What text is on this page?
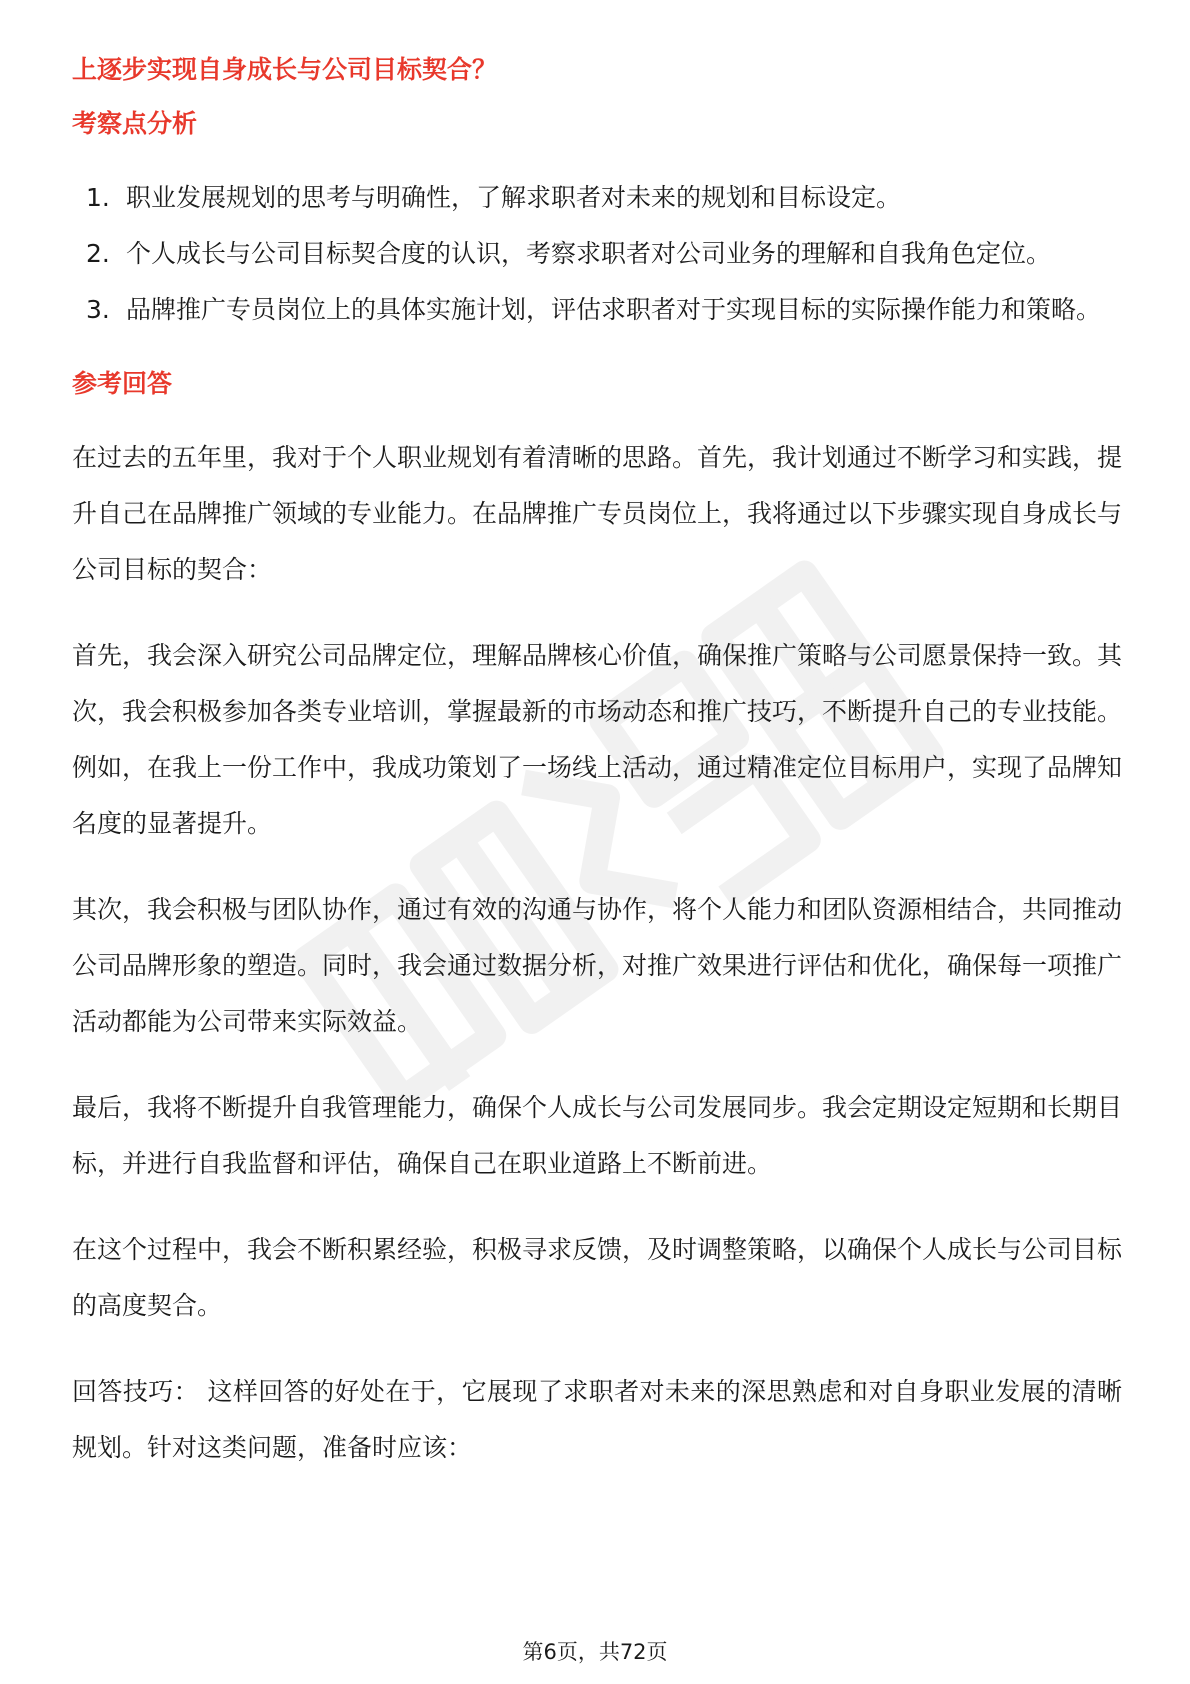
上逐步实现自身成长与公司目标契合？
考察点分析
1. 职业发展规划的思考与明确性，了解求职者对未来的规划和目标设定。
2. 个人成长与公司目标契合度的认识，考察求职者对公司业务的理解和自我角色定位。
3. 品牌推广专员岗位上的具体实施计划，评估求职者对于实现目标的实际操作能力和策略。
参考回答

在过去的五年里，我对于个人职业规划有着清晰的思路。首先，我计划通过不断学习和实践，提升自己在品牌推广领域的专业能力。在品牌推广专员岗位上，我将通过以下步骤实现自身成长与公司目标的契合：

首先，我会深入研究公司品牌定位，理解品牌核心价值，确保推广策略与公司愿景保持一致。其次，我会积极参加各类专业培训，掌握最新的市场动态和推广技巧，不断提升自己的专业技能。例如，在我上一份工作中，我成功策划了一场线上活动，通过精准定位目标用户，实现了品牌知名度的显著提升。

其次，我会积极与团队协作，通过有效的沟通与协作，将个人能力和团队资源相结合，共同推动公司品牌形象的塑造。同时，我会通过数据分析，对推广效果进行评估和优化，确保每一项推广活动都能为公司带来实际效益。

最后，我将不断提升自我管理能力，确保个人成长与公司发展同步。我会定期设定短期和长期目标，并进行自我监督和评估，确保自己在职业道路上不断前进。

在这个过程中，我会不断积累经验，积极寻求反馈，及时调整策略，以确保个人成长与公司目标的高度契合。

回答技巧： 这样回答的好处在于，它展现了求职者对未来的深思熟虑和对自身职业发展的清晰规划。针对这类问题，准备时应该：

第6页，共72页
